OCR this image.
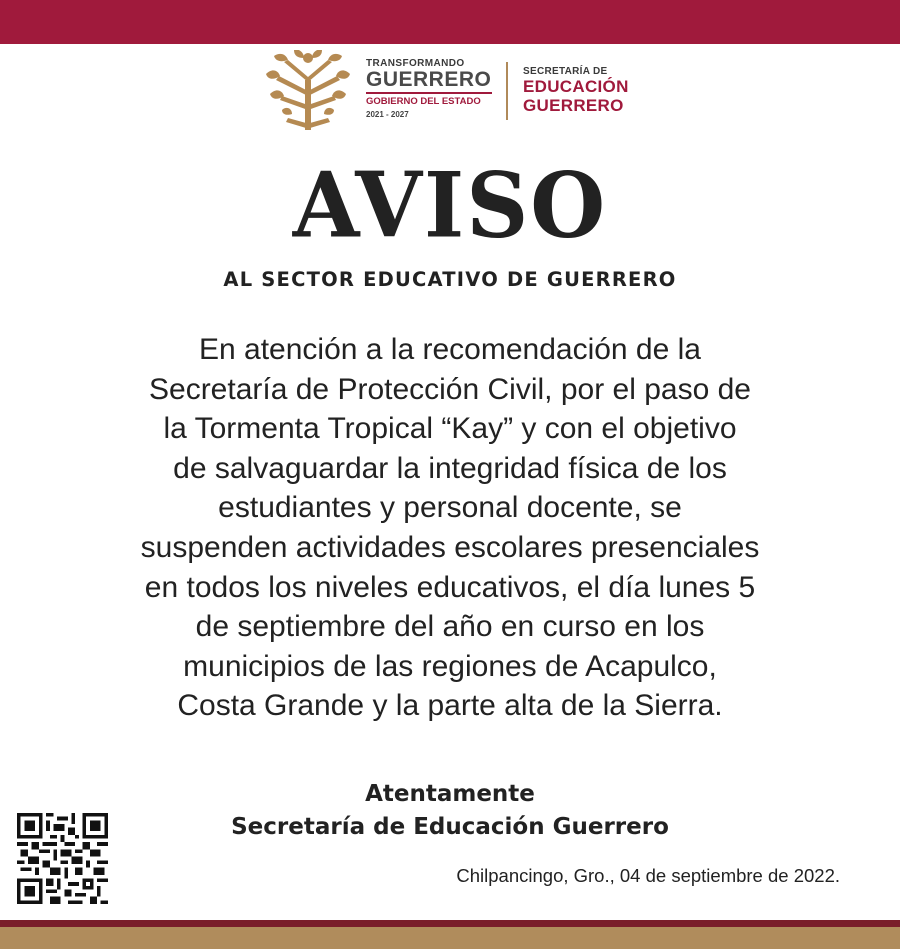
TRANSFORMANDO
GUERRERO
GOBIERNO DEL ESTADO
2021 - 2027
SECRETARÍA DE
EDUCACIÓN
GUERRERO
AVISO
AL SECTOR EDUCATIVO DE GUERRERO
En atención a la recomendación de la
Secretaría de Protección Civil, por el paso de
la Tormenta Tropical “Kay” y con el objetivo
de salvaguardar la integridad física de los
estudiantes y personal docente, se
suspenden actividades escolares presenciales
en todos los niveles educativos, el día lunes 5
de septiembre del año en curso en los
municipios de las regiones de Acapulco,
Costa Grande y la parte alta de la Sierra.
Atentamente
Secretaría de Educación Guerrero
Chilpancingo, Gro., 04 de septiembre de 2022.
